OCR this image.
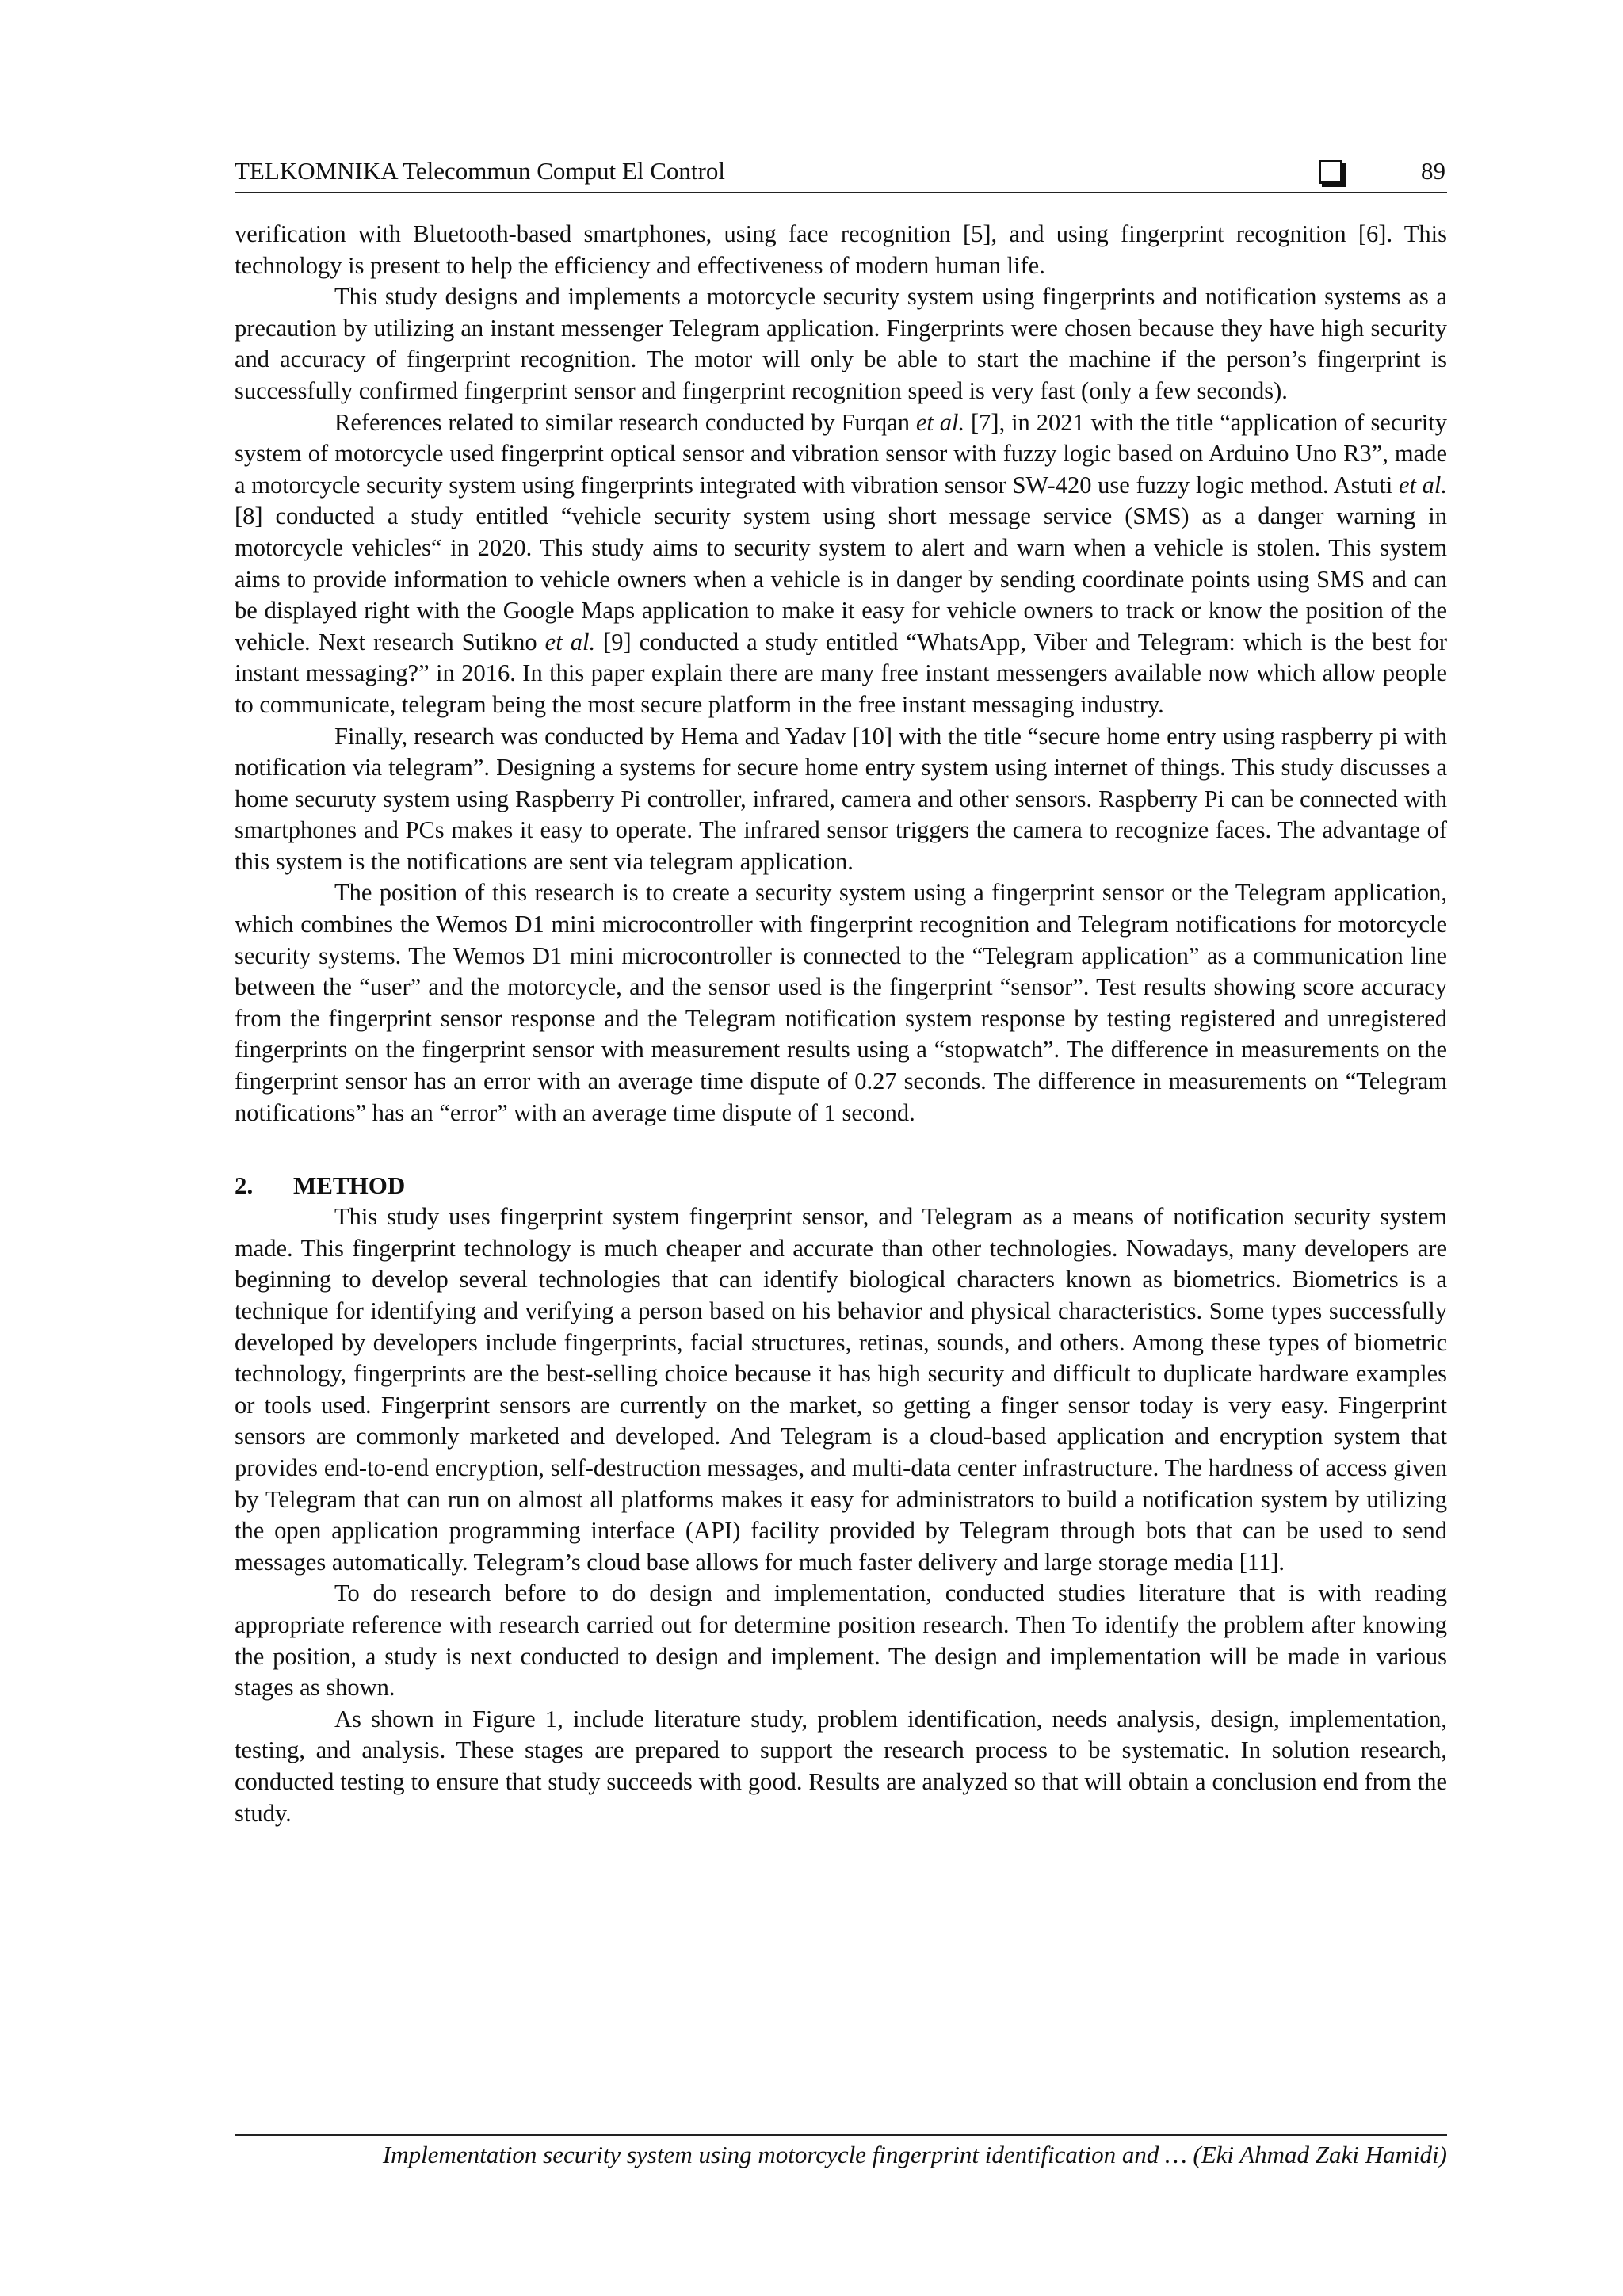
TELKOMNIKA Telecommun Comput El Control	89

verification with Bluetooth-based smartphones, using face recognition [5], and using fingerprint recognition [6]. This technology is present to help the efficiency and effectiveness of modern human life.

This study designs and implements a motorcycle security system using fingerprints and notification systems as a precaution by utilizing an instant messenger Telegram application. Fingerprints were chosen because they have high security and accuracy of fingerprint recognition. The motor will only be able to start the machine if the person’s fingerprint is successfully confirmed fingerprint sensor and fingerprint recognition speed is very fast (only a few seconds).

References related to similar research conducted by Furqan et al. [7], in 2021 with the title “application of security system of motorcycle used fingerprint optical sensor and vibration sensor with fuzzy logic based on Arduino Uno R3”, made a motorcycle security system using fingerprints integrated with vibration sensor SW-420 use fuzzy logic method. Astuti et al. [8] conducted a study entitled “vehicle security system using short message service (SMS) as a danger warning in motorcycle vehicles“ in 2020. This study aims to security system to alert and warn when a vehicle is stolen. This system aims to provide information to vehicle owners when a vehicle is in danger by sending coordinate points using SMS and can be displayed right with the Google Maps application to make it easy for vehicle owners to track or know the position of the vehicle. Next research Sutikno et al. [9] conducted a study entitled “WhatsApp, Viber and Telegram: which is the best for instant messaging?” in 2016. In this paper explain there are many free instant messengers available now which allow people to communicate, telegram being the most secure platform in the free instant messaging industry.

Finally, research was conducted by Hema and Yadav [10] with the title “secure home entry using raspberry pi with notification via telegram”. Designing a systems for secure home entry system using internet of things. This study discusses a home securuty system using Raspberry Pi controller, infrared, camera and other sensors. Raspberry Pi can be connected with smartphones and PCs makes it easy to operate. The infrared sensor triggers the camera to recognize faces. The advantage of this system is the notifications are sent via telegram application.

The position of this research is to create a security system using a fingerprint sensor or the Telegram application, which combines the Wemos D1 mini microcontroller with fingerprint recognition and Telegram notifications for motorcycle security systems. The Wemos D1 mini microcontroller is connected to the “Telegram application” as a communication line between the “user” and the motorcycle, and the sensor used is the fingerprint “sensor”. Test results showing score accuracy from the fingerprint sensor response and the Telegram notification system response by testing registered and unregistered fingerprints on the fingerprint sensor with measurement results using a “stopwatch”. The difference in measurements on the fingerprint sensor has an error with an average time dispute of 0.27 seconds. The difference in measurements on “Telegram notifications” has an “error” with an average time dispute of 1 second.

2. METHOD

This study uses fingerprint system fingerprint sensor, and Telegram as a means of notification security system made. This fingerprint technology is much cheaper and accurate than other technologies. Nowadays, many developers are beginning to develop several technologies that can identify biological characters known as biometrics. Biometrics is a technique for identifying and verifying a person based on his behavior and physical characteristics. Some types successfully developed by developers include fingerprints, facial structures, retinas, sounds, and others. Among these types of biometric technology, fingerprints are the best-selling choice because it has high security and difficult to duplicate hardware examples or tools used. Fingerprint sensors are currently on the market, so getting a finger sensor today is very easy. Fingerprint sensors are commonly marketed and developed. And Telegram is a cloud-based application and encryption system that provides end-to-end encryption, self-destruction messages, and multi-data center infrastructure. The hardness of access given by Telegram that can run on almost all platforms makes it easy for administrators to build a notification system by utilizing the open application programming interface (API) facility provided by Telegram through bots that can be used to send messages automatically. Telegram’s cloud base allows for much faster delivery and large storage media [11].

To do research before to do design and implementation, conducted studies literature that is with reading appropriate reference with research carried out for determine position research. Then To identify the problem after knowing the position, a study is next conducted to design and implement. The design and implementation will be made in various stages as shown.

As shown in Figure 1, include literature study, problem identification, needs analysis, design, implementation, testing, and analysis. These stages are prepared to support the research process to be systematic. In solution research, conducted testing to ensure that study succeeds with good. Results are analyzed so that will obtain a conclusion end from the study.

Implementation security system using motorcycle fingerprint identification and … (Eki Ahmad Zaki Hamidi)
